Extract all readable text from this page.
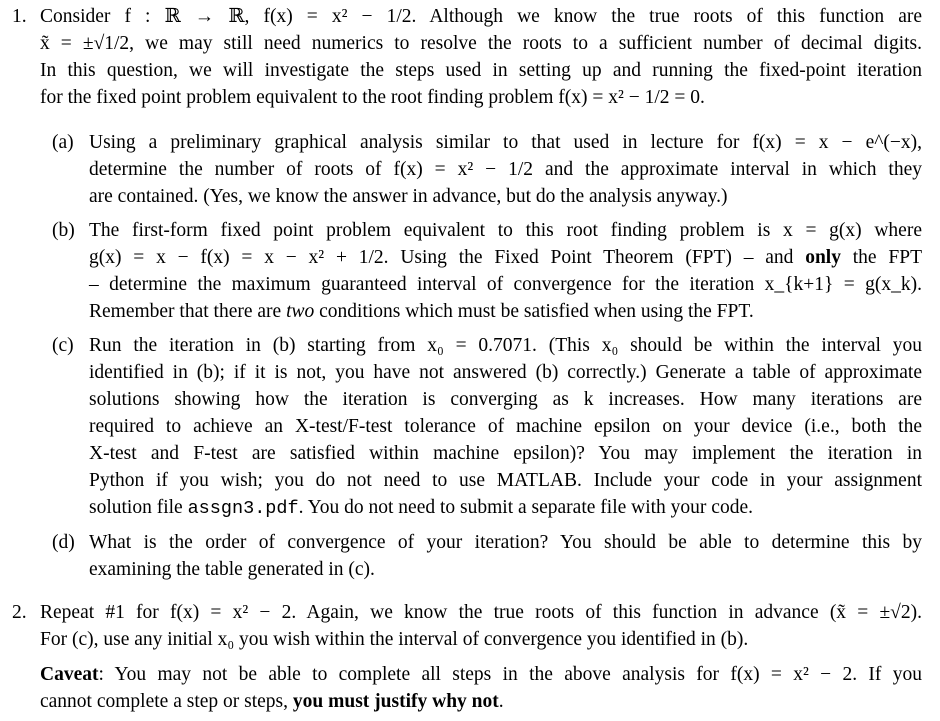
1. Consider f : ℝ → ℝ, f(x) = x² − 1/2. Although we know the true roots of this function are

x̃ = ±√1/2, we may still need numerics to resolve the roots to a sufficient number of decimal digits.

In this question, we will investigate the steps used in setting up and running the fixed-point iteration

for the fixed point problem equivalent to the root finding problem f(x) = x² − 1/2 = 0.

(a) Using a preliminary graphical analysis similar to that used in lecture for f(x) = x − e^(−x),

determine the number of roots of f(x) = x² − 1/2 and the approximate interval in which they

are contained. (Yes, we know the answer in advance, but do the analysis anyway.)

(b) The first-form fixed point problem equivalent to this root finding problem is x = g(x) where

g(x) = x − f(x) = x − x² + 1/2. Using the Fixed Point Theorem (FPT) – and only the FPT

– determine the maximum guaranteed interval of convergence for the iteration x_{k+1} = g(x_k).

Remember that there are two conditions which must be satisfied when using the FPT.

(c) Run the iteration in (b) starting from x₀ = 0.7071. (This x₀ should be within the interval you

identified in (b); if it is not, you have not answered (b) correctly.) Generate a table of approximate

solutions showing how the iteration is converging as k increases. How many iterations are

required to achieve an X-test/F-test tolerance of machine epsilon on your device (i.e., both the

X-test and F-test are satisfied within machine epsilon)? You may implement the iteration in

Python if you wish; you do not need to use MATLAB. Include your code in your assignment

solution file assgn3.pdf. You do not need to submit a separate file with your code.

(d) What is the order of convergence of your iteration? You should be able to determine this by

examining the table generated in (c).

2. Repeat #1 for f(x) = x² − 2. Again, we know the true roots of this function in advance (x̃ = ±√2).

For (c), use any initial x₀ you wish within the interval of convergence you identified in (b).

Caveat: You may not be able to complete all steps in the above analysis for f(x) = x² − 2. If you

cannot complete a step or steps, you must justify why not.
